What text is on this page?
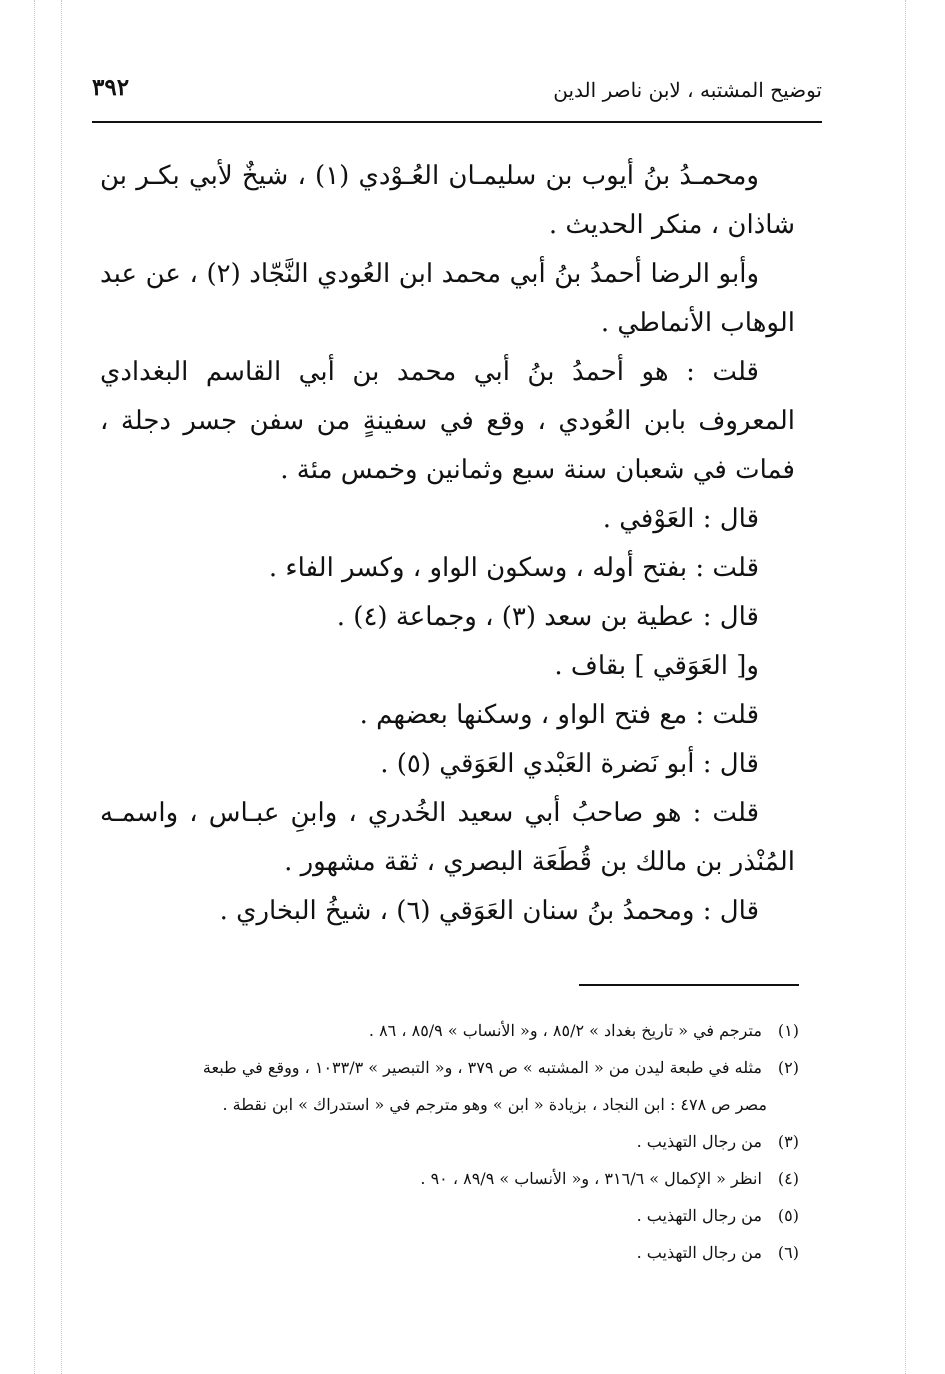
توضيح المشتبه ، لابن ناصر الدين
٣٩٢

ومحمـدُ بنُ أيوب بن سليمـان العُـوْدي (١) ، شيخٌ لأبي بكـر بن شاذان ، منكر الحديث .

وأبو الرضا أحمدُ بنُ أبي محمد ابن العُودي النَّجّاد (٢) ، عن عبد الوهاب الأنماطي .

قلت : هو أحمدُ بنُ أبي محمد بن أبي القاسم البغدادي المعروف بابن العُودي ، وقع في سفينةٍ من سفن جسر دجلة ، فمات في شعبان سنة سبع وثمانين وخمس مئة .

قال : العَوْفي .

قلت : بفتح أوله ، وسكون الواو ، وكسر الفاء .

قال : عطية بن سعد (٣) ، وجماعة (٤) .

و[ العَوَقي ] بقاف .

قلت : مع فتح الواو ، وسكنها بعضهم .

قال : أبو نَضرة العَبْدي العَوَقي (٥) .

قلت : هو صاحبُ أبي سعيد الخُدري ، وابنِ عبـاس ، واسمـه المُنْذر بن مالك بن قُطَعَة البصري ، ثقة مشهور .

قال : ومحمدُ بنُ سنان العَوَقي (٦) ، شيخُ البخاري .

(١) مترجم في « تاريخ بغداد » ٨٥/٢ ، و« الأنساب » ٨٥/٩ ، ٨٦ .

(٢) مثله في طبعة ليدن من « المشتبه » ص ٣٧٩ ، و« التبصير » ١٠٣٣/٣ ، ووقع في طبعة

مصر ص ٤٧٨ : ابن النجاد ، بزيادة « ابن » وهو مترجم في « استدراك » ابن نقطة .

(٣) من رجال التهذيب .

(٤) انظر « الإكمال » ٣١٦/٦ ، و« الأنساب » ٨٩/٩ ، ٩٠ .

(٥) من رجال التهذيب .

(٦) من رجال التهذيب .
